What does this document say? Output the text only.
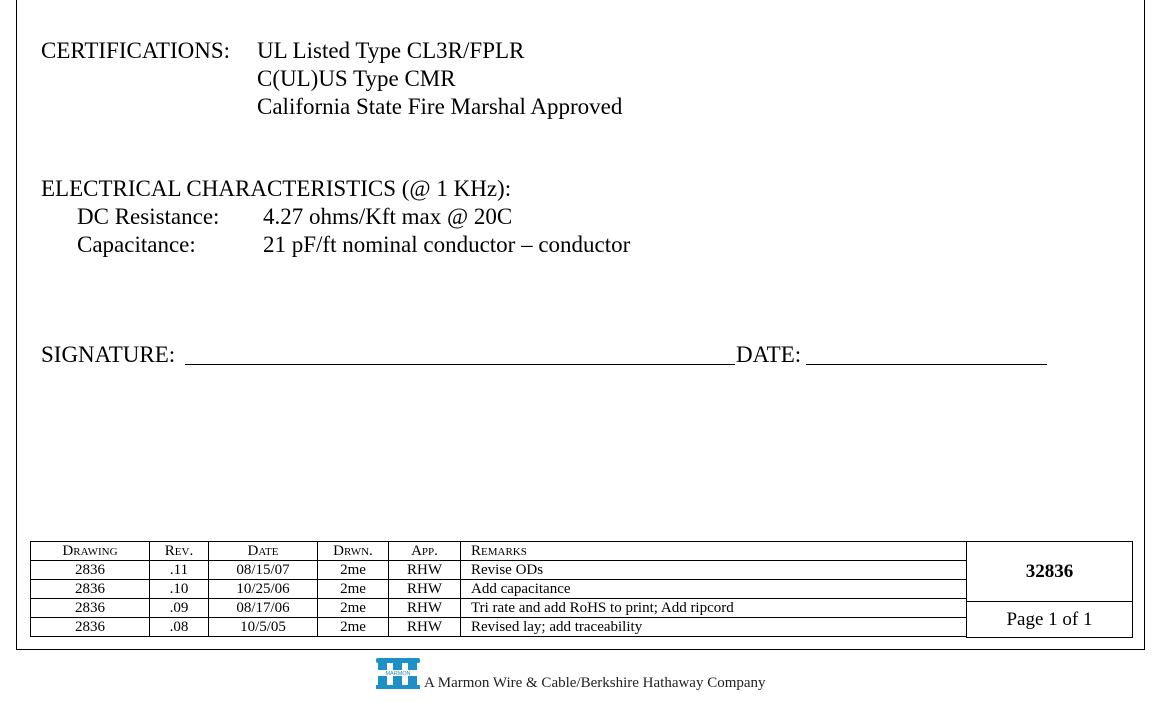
CERTIFICATIONS: UL Listed Type CL3R/FPLR
C(UL)US Type CMR
California State Fire Marshal Approved
ELECTRICAL CHARACTERISTICS (@ 1 KHz):
DC Resistance: 4.27 ohms/Kft max @ 20C
Capacitance:	21 pF/ft nominal conductor – conductor
SIGNATURE:	DATE:
Drawing	Rev.	Date	Drwn.	App.	Remarks
2836	.11	08/15/07	2me	RHW	Revise ODs
2836	.10	10/25/06	2me	RHW	Add capacitance
2836	.09	08/17/06	2me	RHW	Tri rate and add RoHS to print; Add ripcord
2836	.08	10/5/05	2me	RHW	Revised lay; add traceability
32836
Page 1 of 1
MARMON
A Marmon Wire & Cable/Berkshire Hathaway Company
